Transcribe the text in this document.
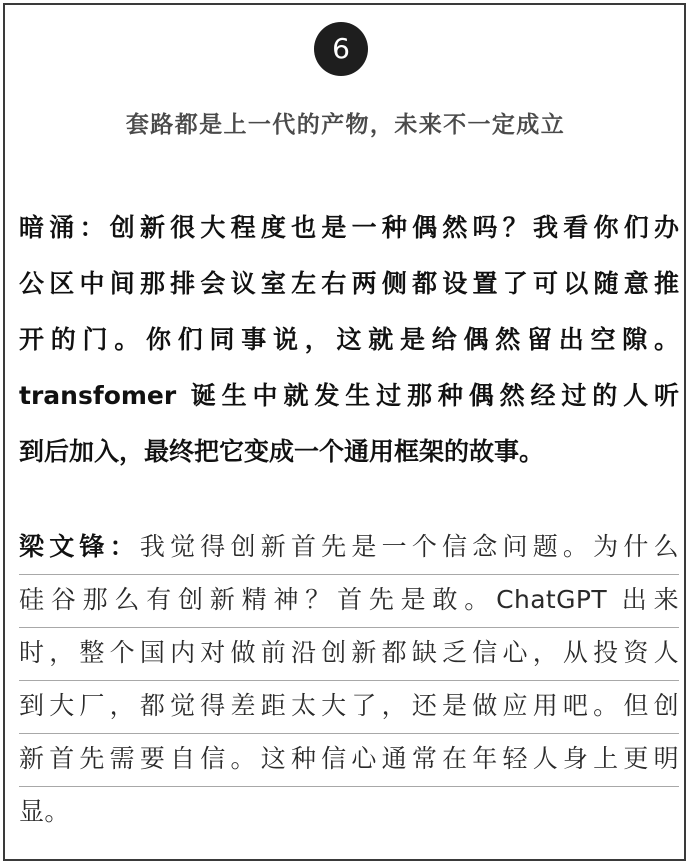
6
套路都是上一代的产物，未来不一定成立
暗涌：创新很大程度也是一种偶然吗？我看你们办
公区中间那排会议室左右两侧都设置了可以随意推
开的门。你们同事说，这就是给偶然留出空隙。
transfomer 诞生中就发生过那种偶然经过的人听
到后加入，最终把它变成一个通用框架的故事。
梁文锋：我觉得创新首先是一个信念问题。为什么
硅谷那么有创新精神？首先是敢。ChatGPT 出来
时，整个国内对做前沿创新都缺乏信心，从投资人
到大厂，都觉得差距太大了，还是做应用吧。但创
新首先需要自信。这种信心通常在年轻人身上更明
显。
